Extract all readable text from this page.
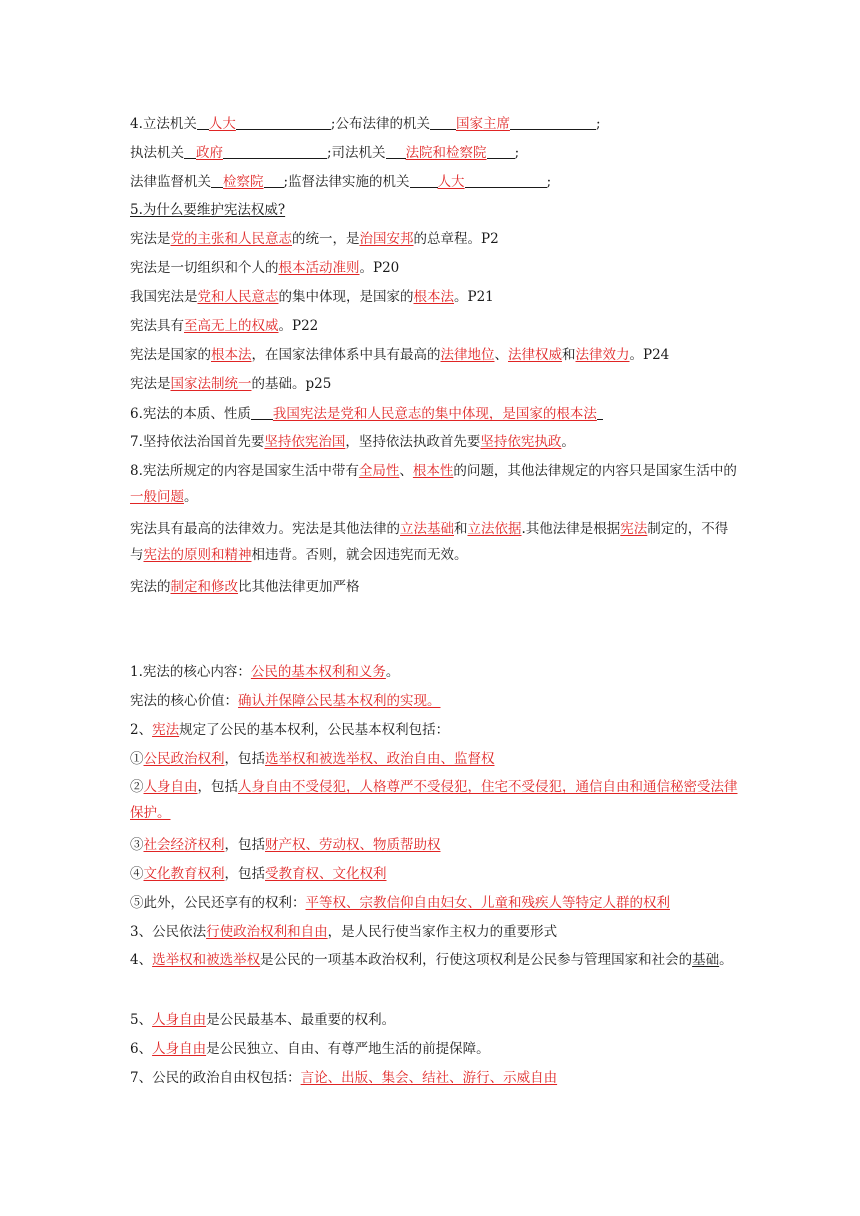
4.立法机关 人大	;公布法律的机关 国家主席	;
执法机关 政府	;司法机关 法院和检察院 ;
法律监督机关 检察院 ;监督法律实施的机关 人大	;
5.为什么要维护宪法权威?
宪法是党的主张和人民意志的统一，是治国安邦的总章程。P2
宪法是一切组织和个人的根本活动准则。P20
我国宪法是党和人民意志的集中体现，是国家的根本法。P21
宪法具有至高无上的权威。P22
宪法是国家的根本法，在国家法律体系中具有最高的法律地位、法律权威和法律效力。P24
宪法是国家法制统一的基础。p25
6.宪法的本质、性质 我国宪法是党和人民意志的集中体现，是国家的根本法
7.坚持依法治国首先要坚持依宪治国，坚持依法执政首先要坚持依宪执政。
8.宪法所规定的内容是国家生活中带有全局性、根本性的问题，其他法律规定的内容只是国家生活中的一般问题。
宪法具有最高的法律效力。宪法是其他法律的立法基础和立法依据.其他法律是根据宪法制定的，不得与宪法的原则和精神相违背。否则，就会因违宪而无效。
宪法的制定和修改比其他法律更加严格
1.宪法的核心内容：公民的基本权利和义务。
宪法的核心价值：确认并保障公民基本权利的实现。
2、宪法规定了公民的基本权利，公民基本权利包括：
①公民政治权利，包括选举权和被选举权、政治自由、监督权
②人身自由，包括人身自由不受侵犯，人格尊严不受侵犯，住宅不受侵犯，通信自由和通信秘密受法律保护。
③社会经济权利，包括财产权、劳动权、物质帮助权
④文化教育权利，包括受教育权、文化权利
⑤此外，公民还享有的权利：平等权、宗教信仰自由妇女、儿童和残疾人等特定人群的权利
3、公民依法行使政治权利和自由，是人民行使当家作主权力的重要形式
4、选举权和被选举权是公民的一项基本政治权利，行使这项权利是公民参与管理国家和社会的基础。
5、人身自由是公民最基本、最重要的权利。
6、人身自由是公民独立、自由、有尊严地生活的前提保障。
7、公民的政治自由权包括：言论、出版、集会、结社、游行、示威自由
